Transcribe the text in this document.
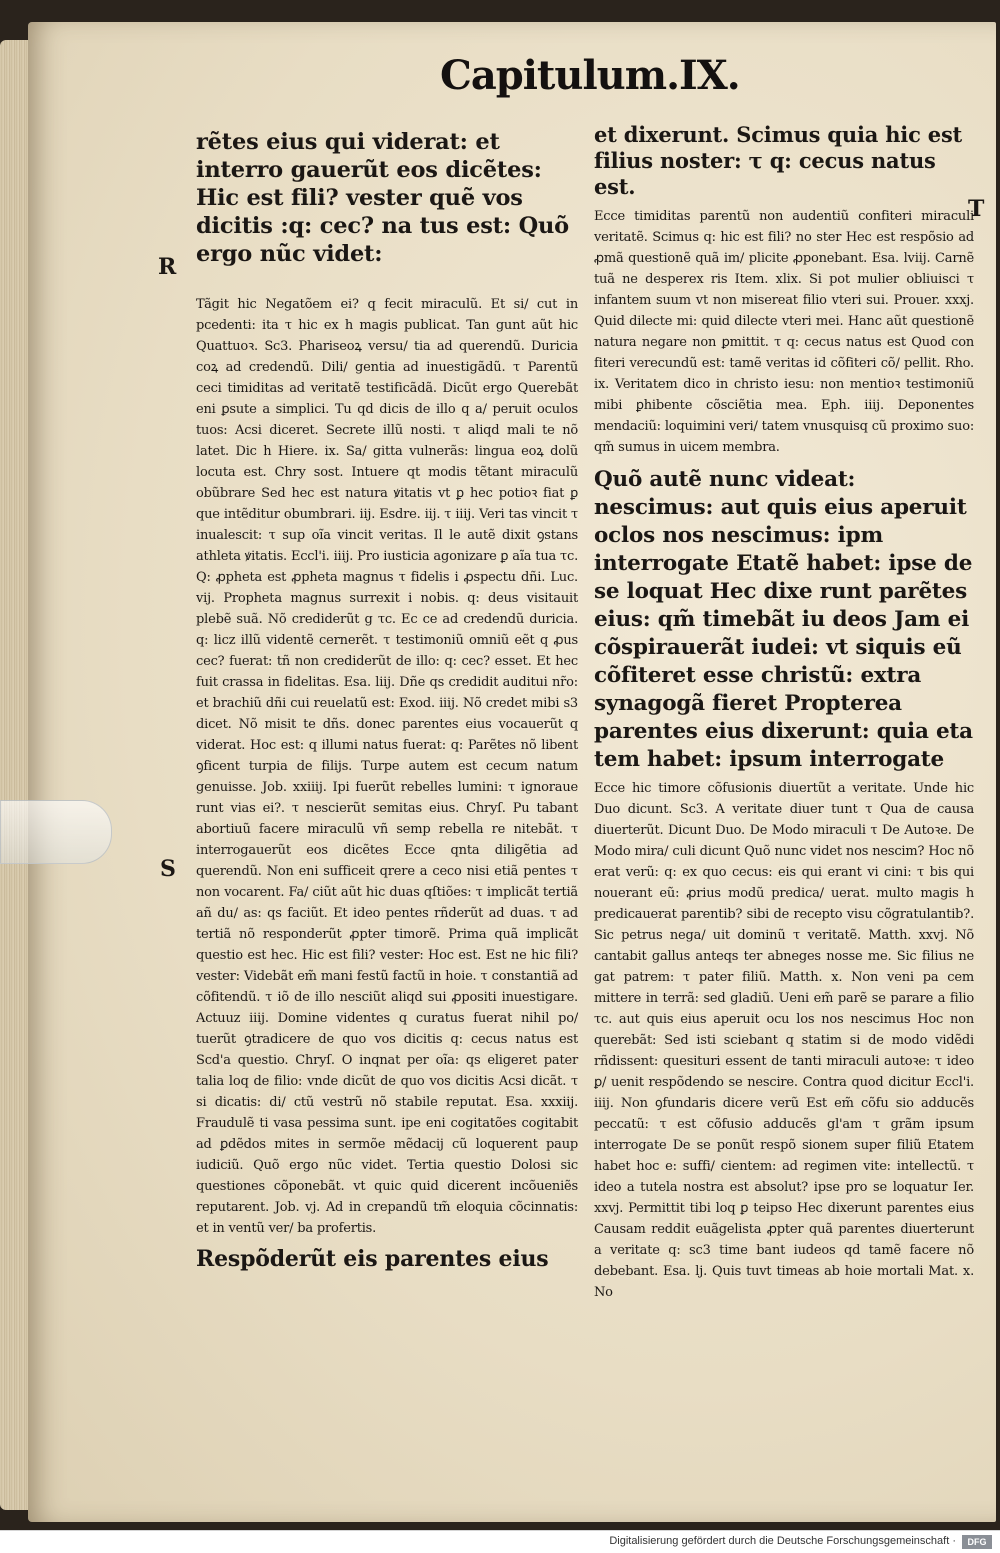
Capitulum.IX.
R
S
T

rẽtes eius qui viderat: et interro gauerũt eos dicẽtes: Hic est fili? vester quẽ vos dicitis :q: cec? na tus est: Quõ ergo nũc videt:

Tãgit hic Negatõem ei? q fecit miraculũ. Et si/ cut in pcedenti: ita τ hic ex h magis publicat. Tan gunt aũt hic Quattuoꝛ. Sc3. Phariseoꝝ versu/ tia ad querendũ. Duricia coꝝ ad credendũ. Dili/ gentia ad inuestigãdũ. τ Parentũ ceci timiditas ad veritatẽ testificãdã. Dicũt ergo Querebãt eni ꝑsute a simplici. Tu qd dicis de illo q a/ peruit oculos tuos: Acsi diceret. Secrete illũ nosti. τ aliqd mali te nõ latet. Dic h Hiere. ix. Sa/ gitta vulnerãs: lingua eoꝝ dolũ locuta est. Chry sost. Intuere qt modis tẽtant miraculũ obũbrare Sed hec est natura ꝟitatis vt ꝑ hec potioꝛ fiat ꝑ que intẽditur obumbrari. iij. Esdre. iij. τ iiij. Veri tas vincit τ inualescit: τ sup oĩa vincit veritas. Il le autẽ dixit ꝯstans athleta ꝟitatis. Eccl'i. iiij. Pro iusticia agonizare ꝑ aĩa tua τc. Q: ꝓpheta est ꝓpheta magnus τ fidelis i ꝓspectu dñi. Luc. vij. Propheta magnus surrexit i nobis. q: deus visitauit plebẽ suã. Nõ crediderũt g τc. Ec ce ad credendũ duricia. q: licz illũ videntẽ cernerẽt. τ testimoniũ omniũ eẽt q ꝓus cec? fuerat: tñ non crediderũt de illo: q: cec? esset. Et hec fuit crassa in fidelitas. Esa. liij. Dñe qs credidit auditui nr̃o: et brachiũ dñi cui reuelatũ est: Exod. iiij. Nõ credet mibi s3 dicet. Nõ misit te dñs. donec parentes eius vocauerũt q viderat. Hoc est: q illumi natus fuerat: q: Parẽtes nõ libent ꝯficent turpia de filijs. Turpe autem est cecum natum genuisse. Job. xxiiij. Ipi fuerũt rebelles lumini: τ ignoraue runt vias ei?. τ nescierũt semitas eius. Chryſ. Pu tabant abortiuũ facere miraculũ vñ semp rebella re nitebãt. τ interrogauerũt eos dicẽtes Ecce qnta diligẽtia ad querendũ. Non eni sufficeit qrere a ceco nisi etiã pentes τ non vocarent. Fa/ ciũt aũt hic duas qſtiões: τ implicãt tertiã añ du/ as: qs faciũt. Et ideo pentes rñderũt ad duas. τ ad tertiã nõ responderũt ꝓpter timorẽ. Prima quã implicãt questio est hec. Hic est fili? vester: Hoc est. Est ne hic fili? vester: Videbãt em̃ mani festũ factũ in hoie. τ constantiã ad cõfitendũ. τ iõ de illo nesciũt aliqd sui ꝓpositi inuestigare. Actuuz iiij. Domine videntes q curatus fuerat nihil po/ tuerũt ꝯtradicere de quo vos dicitis q: cecus natus est Scd'a questio. Chryſ. O inqnat per oĩa: qs eligeret pater talia loq de filio: vnde dicũt de quo vos dicitis Acsi dicãt. τ si dicatis: di/ ctũ vestrũ nõ stabile reputat. Esa. xxxiij. Fraudulẽ ti vasa pessima sunt. ipe eni cogitatões cogitabit ad ꝑdẽdos mites in sermõe mẽdacij cũ loquerent paup iudiciũ. Quõ ergo nũc videt. Tertia questio Dolosi sic questiones cõponebãt. vt quic quid dicerent incõueniẽs reputarent. Job. vj. Ad in crepandũ tm̃ eloquia cõcinnatis: et in ventũ ver/ ba profertis.

Respõderũt eis parentes eius

et dixerunt. Scimus quia hic est filius noster: τ q: cecus natus est.

Ecce timiditas parentũ non audentiũ confiteri miraculi veritatẽ. Scimus q: hic est fili? no ster Hec est respõsio ad ꝓmã questionẽ quã im/ plicite ꝓponebant. Esa. lviij. Carnẽ tuã ne desperex ris Item. xlix. Si pot mulier obliuisci τ infantem suum vt non misereat filio vteri sui. Prouer. xxxj. Quid dilecte mi: quid dilecte vteri mei. Hanc aũt questionẽ natura negare non ꝑmittit. τ q: cecus natus est Quod con fiteri verecundũ est: tamẽ veritas id cõfiteri cõ/ pellit. Rho. ix. Veritatem dico in christo iesu: non mentioꝛ testimoniũ mibi ꝑhibente cõsciẽtia mea. Eph. iiij. Deponentes mendaciũ: loquimini veri/ tatem vnusquisq cũ proximo suo: qm̃ sumus in uicem membra.

Quõ autẽ nunc videat: nescimus: aut quis eius aperuit oclos nos nescimus: ipm interrogate Etatẽ habet: ipse de se loquat Hec dixe runt parẽtes eius: qm̃ timebãt iu deos Jam ei cõspirauerãt iudei: vt siquis eũ cõfiteret esse christũ: extra synagogã fieret Propterea parentes eius dixerunt: quia eta tem habet: ipsum interrogate

Ecce hic timore cõfusionis diuertũt a veritate. Unde hic Duo dicunt. Sc3. A veritate diuer tunt τ Qua de causa diuerterũt. Dicunt Duo. De Modo miraculi τ De Autoꝛe. De Modo mira/ culi dicunt Quõ nunc videt nos nescim? Hoc nõ erat verũ: q: ex quo cecus: eis qui erant vi cini: τ bis qui nouerant eũ: ꝓrius modũ predica/ uerat. multo magis h predicauerat parentib? sibi de recepto visu cõgratulantib?. Sic petrus nega/ uit dominũ τ veritatẽ. Matth. xxvj. Nõ cantabit gallus anteqs ter abneges nosse me. Sic filius ne gat patrem: τ pater filiũ. Matth. x. Non veni pa cem mittere in terrã: sed gladiũ. Ueni em̃ parẽ se parare a filio τc. aut quis eius aperuit ocu los nos nescimus Hoc non querebãt: Sed isti sciebant q statim si de modo vidẽdi rñdissent: quesituri essent de tanti miraculi autoꝛe: τ ideo ꝑ/ uenit respõdendo se nescire. Contra quod dicitur Eccl'i. iiij. Non ꝯfundaris dicere verũ Est em̃ cõfu sio adducẽs peccatũ: τ est cõfusio adducẽs gl'am τ grãm ipsum interrogate De se ponũt respõ sionem super filiũ Etatem habet hoc e: suffi/ cientem: ad regimen vite: intellectũ. τ ideo a tutela nostra est absolut? ipse pro se loquatur Ier. xxvj. Permittit tibi loq ꝑ teipso Hec dixerunt parentes eius Causam reddit euãgelista ꝓpter quã parentes diuerterunt a veritate q: sc3 time bant iudeos qd tamẽ facere nõ debebant. Esa. lj. Quis tuvt timeas ab hoie mortali Mat. x. No

Digitalisierung gefördert durch die Deutsche Forschungsgemeinschaft ·	DFG
